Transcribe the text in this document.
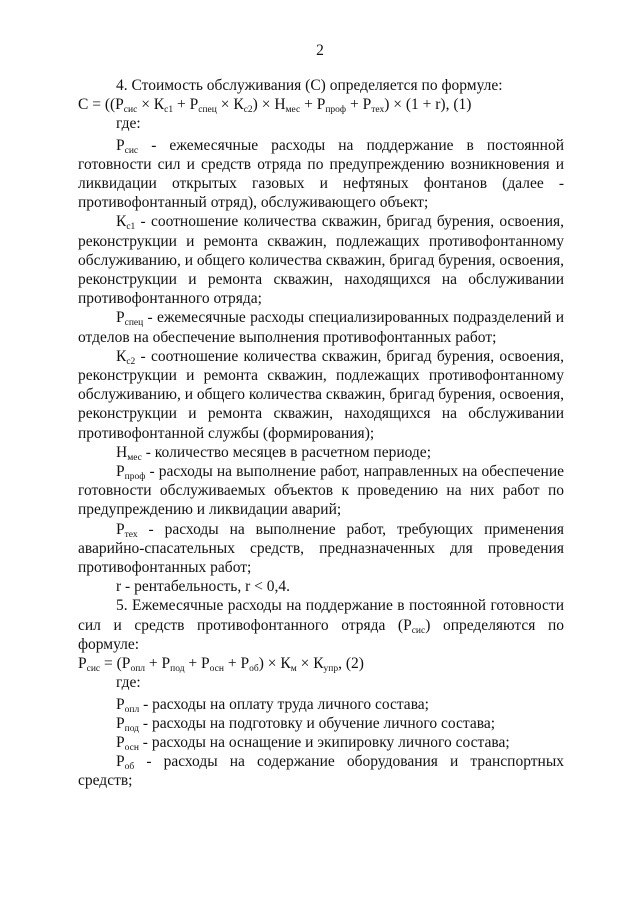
2

4. Стоимость обслуживания (С) определяется по формуле:

$С = ((Р_{сис} \times К_{с1} + Р_{спец} \times К_{с2}) \times Н_{мес} + Р_{проф} + Р_{тех}) \times (1 + r)$, (1)

где:

$Р_{сис}$ - ежемесячные расходы на поддержание в постоянной готовности сил и средств отряда по предупреждению возникновения и ликвидации открытых газовых и нефтяных фонтанов (далее - противофонтанный отряд), обслуживающего объект;

$К_{с1}$ - соотношение количества скважин, бригад бурения, освоения, реконструкции и ремонта скважин, подлежащих противофонтанному обслуживанию, и общего количества скважин, бригад бурения, освоения, реконструкции и ремонта скважин, находящихся на обслуживании противофонтанного отряда;

$Р_{спец}$ - ежемесячные расходы специализированных подразделений и отделов на обеспечение выполнения противофонтанных работ;

$К_{с2}$ - соотношение количества скважин, бригад бурения, освоения, реконструкции и ремонта скважин, подлежащих противофонтанному обслуживанию, и общего количества скважин, бригад бурения, освоения, реконструкции и ремонта скважин, находящихся на обслуживании противофонтанной службы (формирования);

$Н_{мес}$ - количество месяцев в расчетном периоде;

$Р_{проф}$ - расходы на выполнение работ, направленных на обеспечение готовности обслуживаемых объектов к проведению на них работ по предупреждению и ликвидации аварий;

$Р_{тех}$ - расходы на выполнение работ, требующих применения аварийно-спасательных средств, предназначенных для проведения противофонтанных работ;

r - рентабельность, r < 0,4.

5. Ежемесячные расходы на поддержание в постоянной готовности сил и средств противофонтанного отряда $(Р_{сис})$ определяются по формуле:

$Р_{сис} = (Р_{опл} + Р_{под} + Р_{осн} + Р_{об}) \times К_м \times К_{упр}$, (2)

где:

$Р_{опл}$ - расходы на оплату труда личного состава;

$Р_{под}$ - расходы на подготовку и обучение личного состава;

$Р_{осн}$ - расходы на оснащение и экипировку личного состава;

$Р_{об}$ - расходы на содержание оборудования и транспортных средств;
